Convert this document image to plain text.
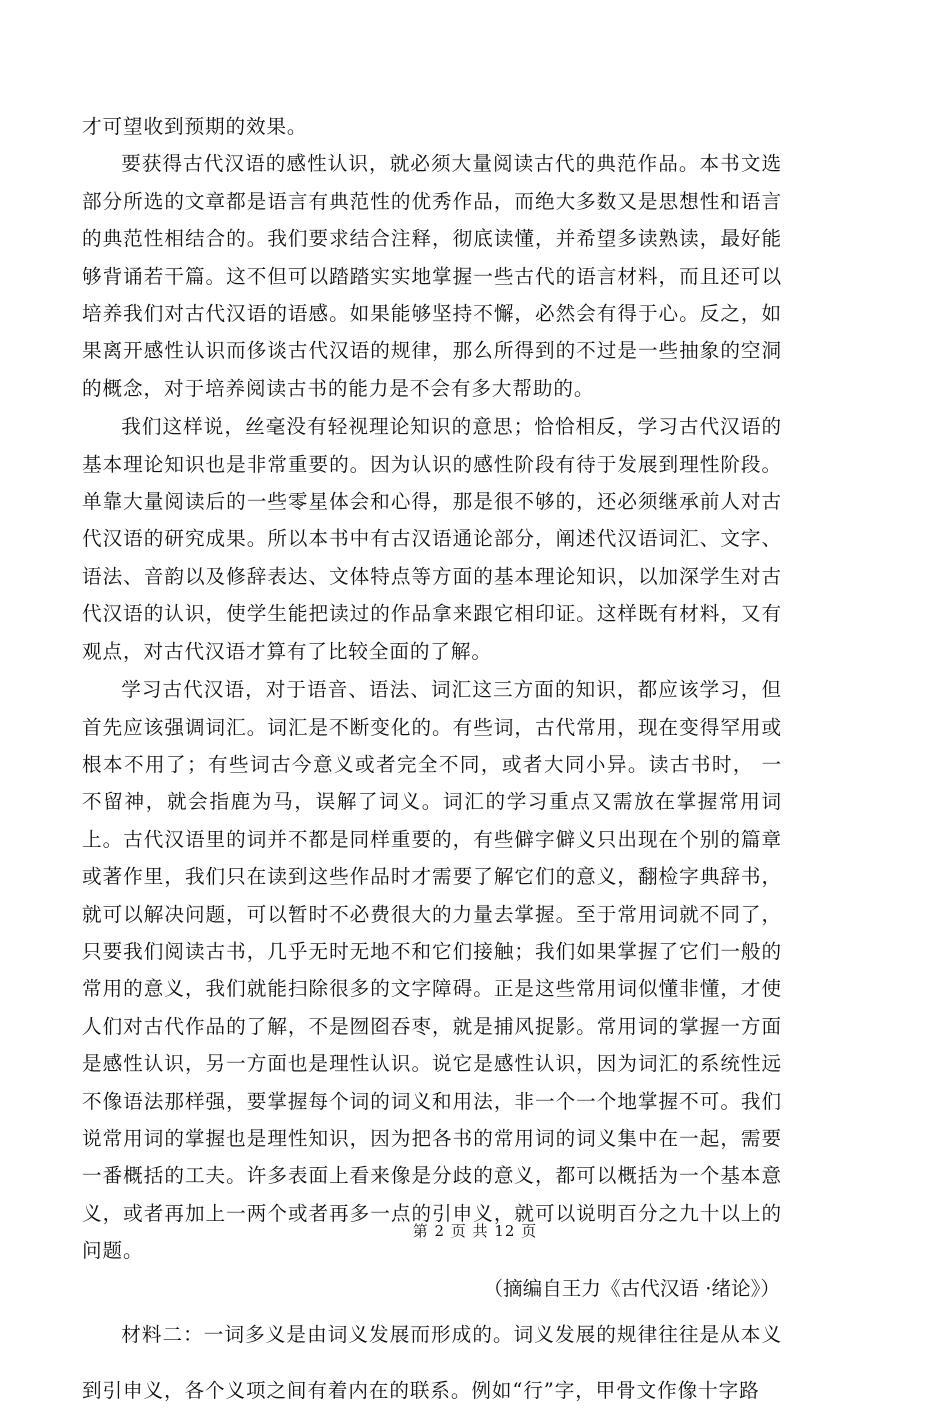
才可望收到预期的效果。

要获得古代汉语的感性认识，就必须大量阅读古代的典范作品。本书文选部分所选的文章都是语言有典范性的优秀作品，而绝大多数又是思想性和语言的典范性相结合的。我们要求结合注释，彻底读懂，并希望多读熟读，最好能够背诵若干篇。这不但可以踏踏实实地掌握一些古代的语言材料，而且还可以培养我们对古代汉语的语感。如果能够坚持不懈，必然会有得于心。反之，如果离开感性认识而侈谈古代汉语的规律，那么所得到的不过是一些抽象的空洞的概念，对于培养阅读古书的能力是不会有多大帮助的。

我们这样说，丝毫没有轻视理论知识的意思；恰恰相反，学习古代汉语的基本理论知识也是非常重要的。因为认识的感性阶段有待于发展到理性阶段。单靠大量阅读后的一些零星体会和心得，那是很不够的，还必须继承前人对古代汉语的研究成果。所以本书中有古汉语通论部分，阐述代汉语词汇、文字、语法、音韵以及修辞表达、文体特点等方面的基本理论知识，以加深学生对古代汉语的认识，使学生能把读过的作品拿来跟它相印证。这样既有材料，又有观点，对古代汉语才算有了比较全面的了解。

学习古代汉语，对于语音、语法、词汇这三方面的知识，都应该学习，但首先应该强调词汇。词汇是不断变化的。有些词，古代常用，现在变得罕用或根本不用了；有些词古今意义或者完全不同，或者大同小异。读古书时， 一不留神，就会指鹿为马，误解了词义。词汇的学习重点又需放在掌握常用词上。古代汉语里的词并不都是同样重要的，有些僻字僻义只出现在个别的篇章或著作里，我们只在读到这些作品时才需要了解它们的意义，翻检字典辞书，就可以解决问题，可以暂时不必费很大的力量去掌握。至于常用词就不同了，只要我们阅读古书，几乎无时无地不和它们接触；我们如果掌握了它们一般的常用的意义，我们就能扫除很多的文字障碍。正是这些常用词似懂非懂，才使人们对古代作品的了解，不是囫囵吞枣，就是捕风捉影。常用词的掌握一方面是感性认识，另一方面也是理性认识。说它是感性认识，因为词汇的系统性远不像语法那样强，要掌握每个词的词义和用法，非一个一个地掌握不可。我们说常用词的掌握也是理性知识，因为把各书的常用词的词义集中在一起，需要一番概括的工夫。许多表面上看来像是分歧的意义，都可以概括为一个基本意义，或者再加上一两个或者再多一点的引申义，就可以说明百分之九十以上的问题。

（摘编自王力《古代汉语 ·绪论》）

材料二：一词多义是由词义发展而形成的。词义发展的规律往往是从本义到引申义，各个义项之间有着内在的联系。例如“行”字，甲骨文作像十字路

第 2 页 共 12 页
